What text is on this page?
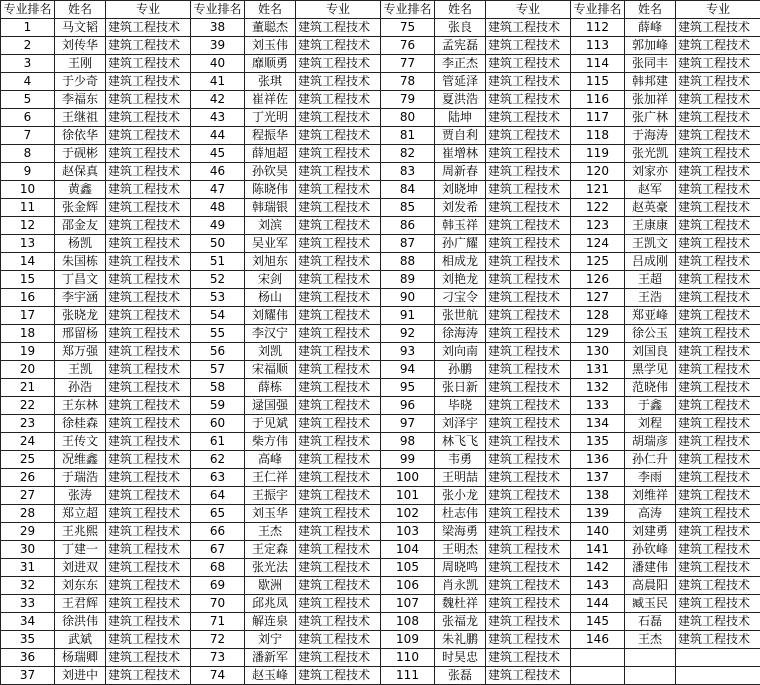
专业排名	姓名	专业	专业排名	姓名	专业	专业排名	姓名	专业	专业排名	姓名	专业
1	马文韬	建筑工程技术	38	董聪杰	建筑工程技术	75	张良	建筑工程技术	112	薛峰	建筑工程技术
2	刘传华	建筑工程技术	39	刘玉伟	建筑工程技术	76	孟宪磊	建筑工程技术	113	郭加峰	建筑工程技术
3	王刚	建筑工程技术	40	靡顺勇	建筑工程技术	77	李正杰	建筑工程技术	114	张同丰	建筑工程技术
4	于少奇	建筑工程技术	41	张琪	建筑工程技术	78	管延泽	建筑工程技术	115	韩邦建	建筑工程技术
5	李福东	建筑工程技术	42	崔祥佐	建筑工程技术	79	夏洪浩	建筑工程技术	116	张加祥	建筑工程技术
6	王继祖	建筑工程技术	43	丁光明	建筑工程技术	80	陆坤	建筑工程技术	117	张广林	建筑工程技术
7	徐依华	建筑工程技术	44	程振华	建筑工程技术	81	贾自利	建筑工程技术	118	于海涛	建筑工程技术
8	于砚彬	建筑工程技术	45	薛旭超	建筑工程技术	82	崔增林	建筑工程技术	119	张光凯	建筑工程技术
9	赵保真	建筑工程技术	46	孙钦昊	建筑工程技术	83	周新春	建筑工程技术	120	刘家亦	建筑工程技术
10	黄鑫	建筑工程技术	47	陈晓伟	建筑工程技术	84	刘晓坤	建筑工程技术	121	赵军	建筑工程技术
11	张金辉	建筑工程技术	48	韩瑞银	建筑工程技术	85	刘发希	建筑工程技术	122	赵英豪	建筑工程技术
12	邵金友	建筑工程技术	49	刘滨	建筑工程技术	86	韩玉祥	建筑工程技术	123	王康康	建筑工程技术
13	杨凯	建筑工程技术	50	吴业军	建筑工程技术	87	孙广耀	建筑工程技术	124	王凯文	建筑工程技术
14	朱国栋	建筑工程技术	51	刘旭东	建筑工程技术	88	相成龙	建筑工程技术	125	吕成刚	建筑工程技术
15	丁昌文	建筑工程技术	52	宋剑	建筑工程技术	89	刘艳龙	建筑工程技术	126	王超	建筑工程技术
16	李宇涵	建筑工程技术	53	杨山	建筑工程技术	90	刁宝令	建筑工程技术	127	王浩	建筑工程技术
17	张晓龙	建筑工程技术	54	刘耀伟	建筑工程技术	91	张世航	建筑工程技术	128	郑亚峰	建筑工程技术
18	邢留杨	建筑工程技术	55	李汉宁	建筑工程技术	92	徐海涛	建筑工程技术	129	徐公玉	建筑工程技术
19	郑万强	建筑工程技术	56	刘凯	建筑工程技术	93	刘向南	建筑工程技术	130	刘国良	建筑工程技术
20	王凯	建筑工程技术	57	宋福顺	建筑工程技术	94	孙鹏	建筑工程技术	131	黑学见	建筑工程技术
21	孙浩	建筑工程技术	58	薛栋	建筑工程技术	95	张日新	建筑工程技术	132	范晓伟	建筑工程技术
22	王东林	建筑工程技术	59	逯国强	建筑工程技术	96	毕晓	建筑工程技术	133	于鑫	建筑工程技术
23	徐桂森	建筑工程技术	60	于见斌	建筑工程技术	97	刘泽宇	建筑工程技术	134	刘程	建筑工程技术
24	王传文	建筑工程技术	61	柴方伟	建筑工程技术	98	林飞飞	建筑工程技术	135	胡瑞彦	建筑工程技术
25	况维鑫	建筑工程技术	62	高峰	建筑工程技术	99	韦勇	建筑工程技术	136	孙仁升	建筑工程技术
26	于瑞浩	建筑工程技术	63	王仁祥	建筑工程技术	100	王明喆	建筑工程技术	137	李雨	建筑工程技术
27	张涛	建筑工程技术	64	王振宇	建筑工程技术	101	张小龙	建筑工程技术	138	刘维祥	建筑工程技术
28	郑立超	建筑工程技术	65	刘玉华	建筑工程技术	102	杜志伟	建筑工程技术	139	高涛	建筑工程技术
29	王兆熙	建筑工程技术	66	王杰	建筑工程技术	103	梁海勇	建筑工程技术	140	刘建勇	建筑工程技术
30	丁建一	建筑工程技术	67	王定森	建筑工程技术	104	王明杰	建筑工程技术	141	孙钦峰	建筑工程技术
31	刘进双	建筑工程技术	68	张光法	建筑工程技术	105	周晓鸣	建筑工程技术	142	潘建伟	建筑工程技术
32	刘东东	建筑工程技术	69	歇洲	建筑工程技术	106	肖永凯	建筑工程技术	143	高晨阳	建筑工程技术
33	王君辉	建筑工程技术	70	邱兆凤	建筑工程技术	107	魏杜祥	建筑工程技术	144	臧玉民	建筑工程技术
34	徐洪伟	建筑工程技术	71	解连泉	建筑工程技术	108	张福龙	建筑工程技术	145	石磊	建筑工程技术
35	武斌	建筑工程技术	72	刘宁	建筑工程技术	109	朱礼鹏	建筑工程技术	146	王杰	建筑工程技术
36	杨瑞卿	建筑工程技术	73	潘新军	建筑工程技术	110	时昊忠	建筑工程技术			
37	刘进中	建筑工程技术	74	赵玉峰	建筑工程技术	111	张磊	建筑工程技术			
